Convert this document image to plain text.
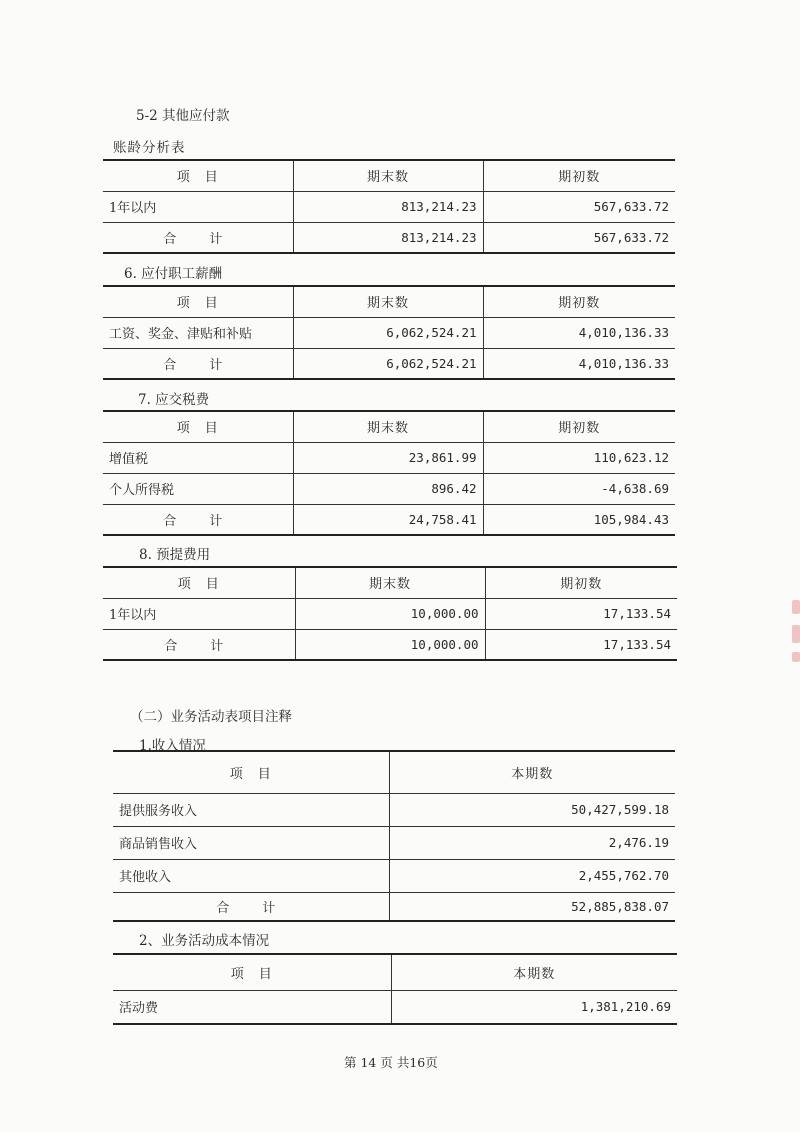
5-2 其他应付款
账龄分析表
项　目	期末数	期初数
1年以内	813,214.23	567,633.72
合　计	813,214.23	567,633.72
6. 应付职工薪酬
项　目	期末数	期初数
工资、奖金、津贴和补贴	6,062,524.21	4,010,136.33
合　计	6,062,524.21	4,010,136.33
7. 应交税费
项　目	期末数	期初数
增值税	23,861.99	110,623.12
个人所得税	896.42	-4,638.69
合　计	24,758.41	105,984.43
8. 预提费用
项　目	期末数	期初数
1年以内	10,000.00	17,133.54
合　计	10,000.00	17,133.54
（二）业务活动表项目注释
1.收入情况
项　目	本期数
提供服务收入	50,427,599.18
商品销售收入	2,476.19
其他收入	2,455,762.70
合　计	52,885,838.07
2、业务活动成本情况
项　目	本期数
活动费	1,381,210.69
第 14 页 共16页
